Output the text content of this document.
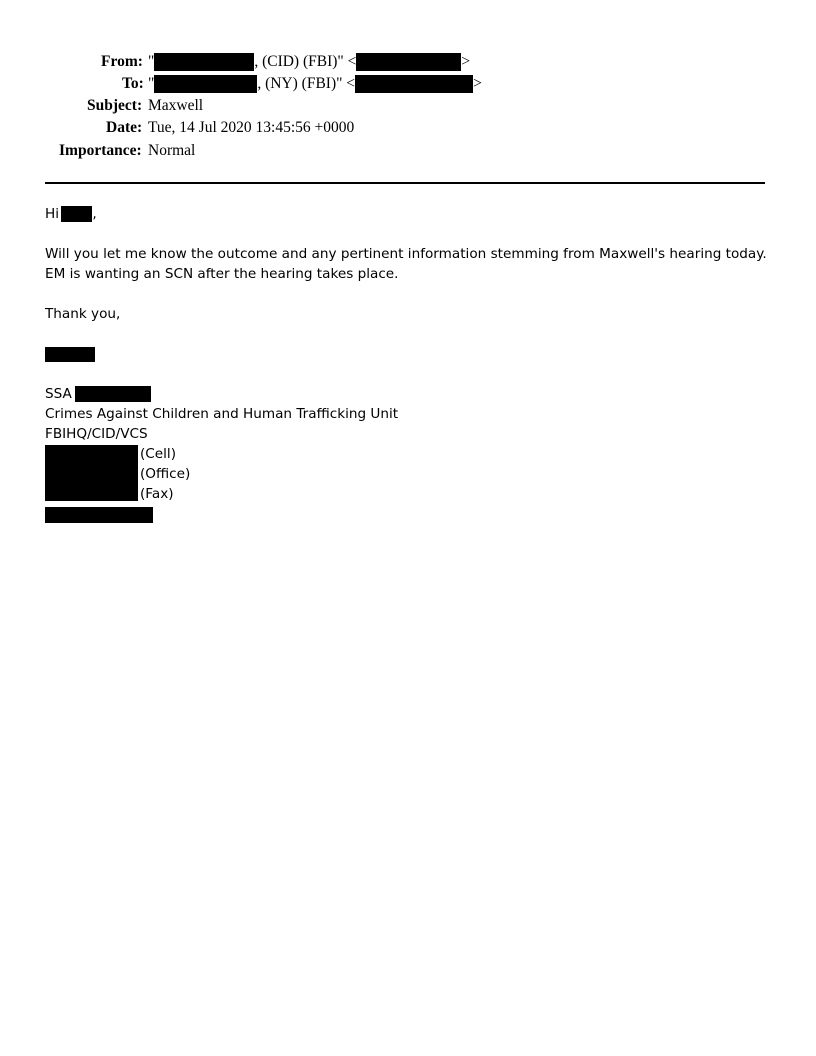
From: "	, (CID) (FBI)" <	>
To: "	, (NY) (FBI)" <	>
Subject: Maxwell
Date: Tue, 14 Jul 2020 13:45:56 +0000
Importance: Normal
Hi ,
Will you let me know the outcome and any pertinent information stemming from Maxwell's hearing today. EM is wanting an SCN after the hearing takes place.
Thank you,
SSA
Crimes Against Children and Human Trafficking Unit
FBIHQ/CID/VCS
(Cell)
(Office)
(Fax)
